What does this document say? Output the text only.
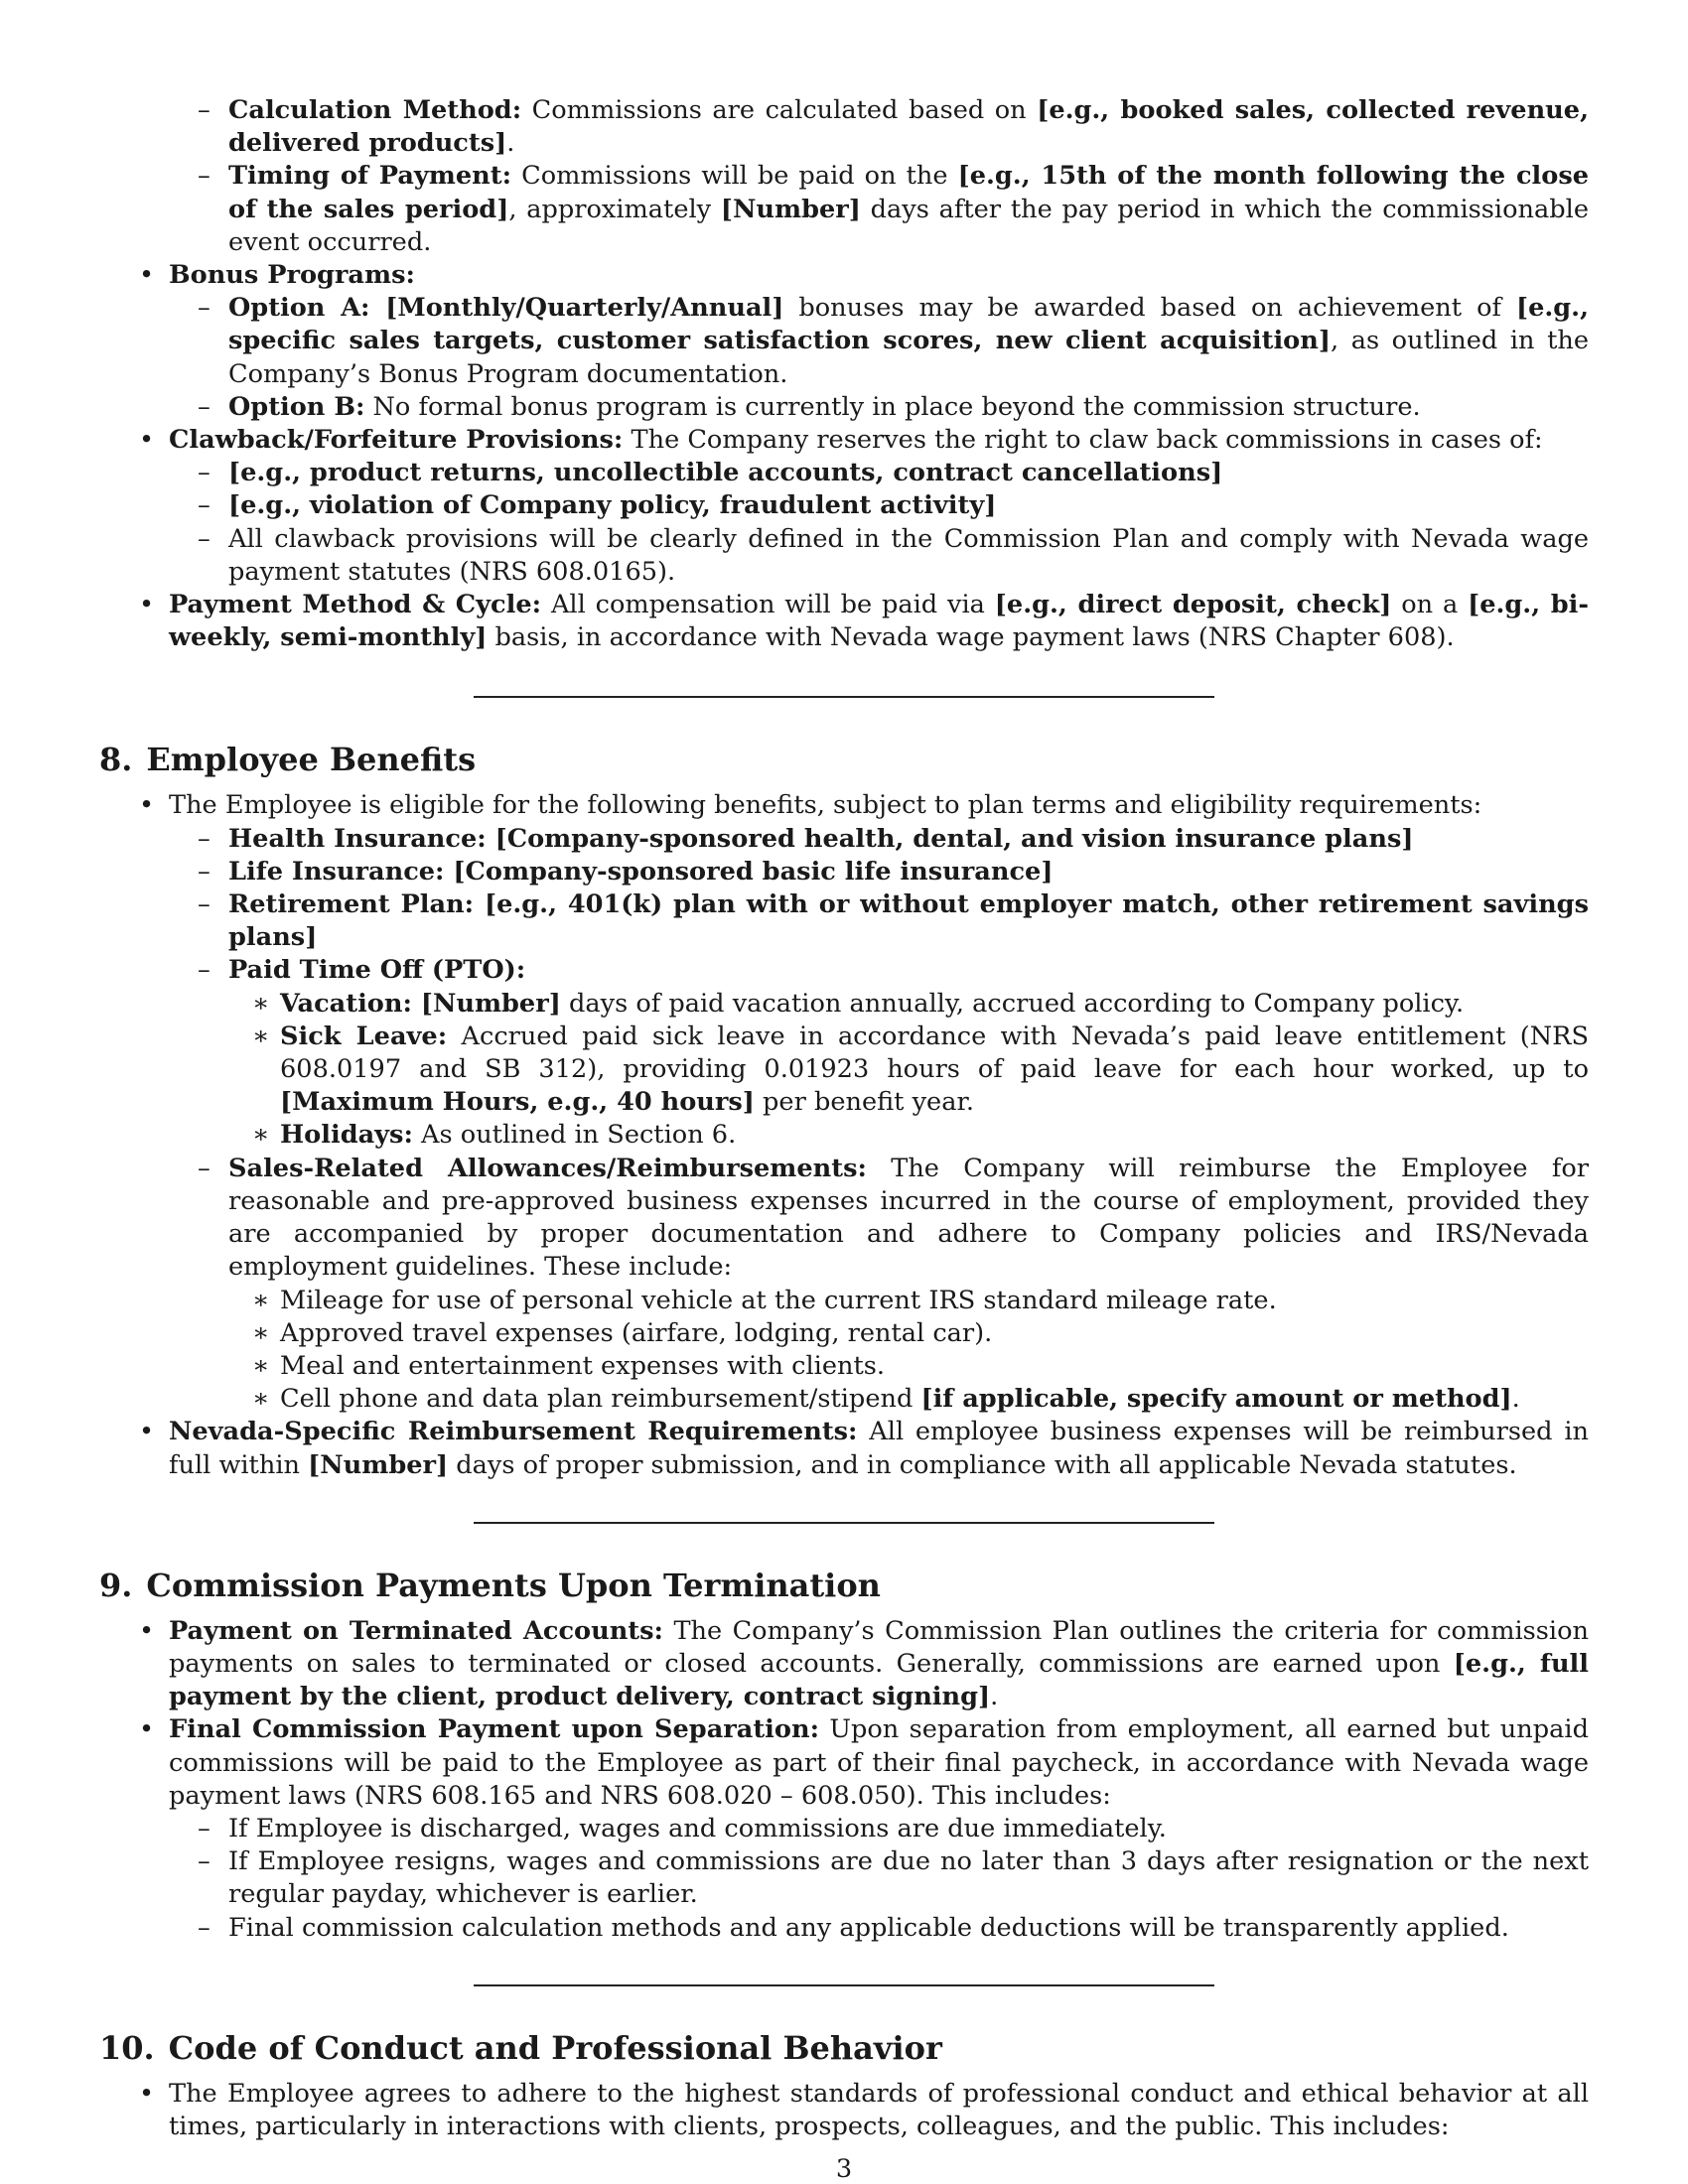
– Calculation Method: Commissions are calculated based on [e.g., booked sales, collected revenue, delivered products].
– Timing of Payment: Commissions will be paid on the [e.g., 15th of the month following the close of the sales period], approximately [Number] days after the pay period in which the commissionable event occurred.
• Bonus Programs:
– Option A: [Monthly/Quarterly/Annual] bonuses may be awarded based on achievement of [e.g., specific sales targets, customer satisfaction scores, new client acquisition], as outlined in the Company’s Bonus Program documentation.
– Option B: No formal bonus program is currently in place beyond the commission structure.
• Clawback/Forfeiture Provisions: The Company reserves the right to claw back commissions in cases of:
– [e.g., product returns, uncollectible accounts, contract cancellations]
– [e.g., violation of Company policy, fraudulent activity]
– All clawback provisions will be clearly defined in the Commission Plan and comply with Nevada wage payment statutes (NRS 608.0165).
• Payment Method & Cycle: All compensation will be paid via [e.g., direct deposit, check] on a [e.g., bi-weekly, semi-monthly] basis, in accordance with Nevada wage payment laws (NRS Chapter 608).
8. Employee Benefits
• The Employee is eligible for the following benefits, subject to plan terms and eligibility requirements:
– Health Insurance: [Company-sponsored health, dental, and vision insurance plans]
– Life Insurance: [Company-sponsored basic life insurance]
– Retirement Plan: [e.g., 401(k) plan with or without employer match, other retirement savings plans]
– Paid Time Off (PTO):
∗ Vacation: [Number] days of paid vacation annually, accrued according to Company policy.
∗ Sick Leave: Accrued paid sick leave in accordance with Nevada’s paid leave entitlement (NRS 608.0197 and SB 312), providing 0.01923 hours of paid leave for each hour worked, up to [Maximum Hours, e.g., 40 hours] per benefit year.
∗ Holidays: As outlined in Section 6.
– Sales-Related Allowances/Reimbursements: The Company will reimburse the Employee for reasonable and pre-approved business expenses incurred in the course of employment, provided they are accompanied by proper documentation and adhere to Company policies and IRS/Nevada employment guidelines. These include:
∗ Mileage for use of personal vehicle at the current IRS standard mileage rate.
∗ Approved travel expenses (airfare, lodging, rental car).
∗ Meal and entertainment expenses with clients.
∗ Cell phone and data plan reimbursement/stipend [if applicable, specify amount or method].
• Nevada-Specific Reimbursement Requirements: All employee business expenses will be reimbursed in full within [Number] days of proper submission, and in compliance with all applicable Nevada statutes.
9. Commission Payments Upon Termination
• Payment on Terminated Accounts: The Company’s Commission Plan outlines the criteria for commission payments on sales to terminated or closed accounts. Generally, commissions are earned upon [e.g., full payment by the client, product delivery, contract signing].
• Final Commission Payment upon Separation: Upon separation from employment, all earned but unpaid commissions will be paid to the Employee as part of their final paycheck, in accordance with Nevada wage payment laws (NRS 608.165 and NRS 608.020 – 608.050). This includes:
– If Employee is discharged, wages and commissions are due immediately.
– If Employee resigns, wages and commissions are due no later than 3 days after resignation or the next regular payday, whichever is earlier.
– Final commission calculation methods and any applicable deductions will be transparently applied.
10. Code of Conduct and Professional Behavior
• The Employee agrees to adhere to the highest standards of professional conduct and ethical behavior at all times, particularly in interactions with clients, prospects, colleagues, and the public. This includes:
3
